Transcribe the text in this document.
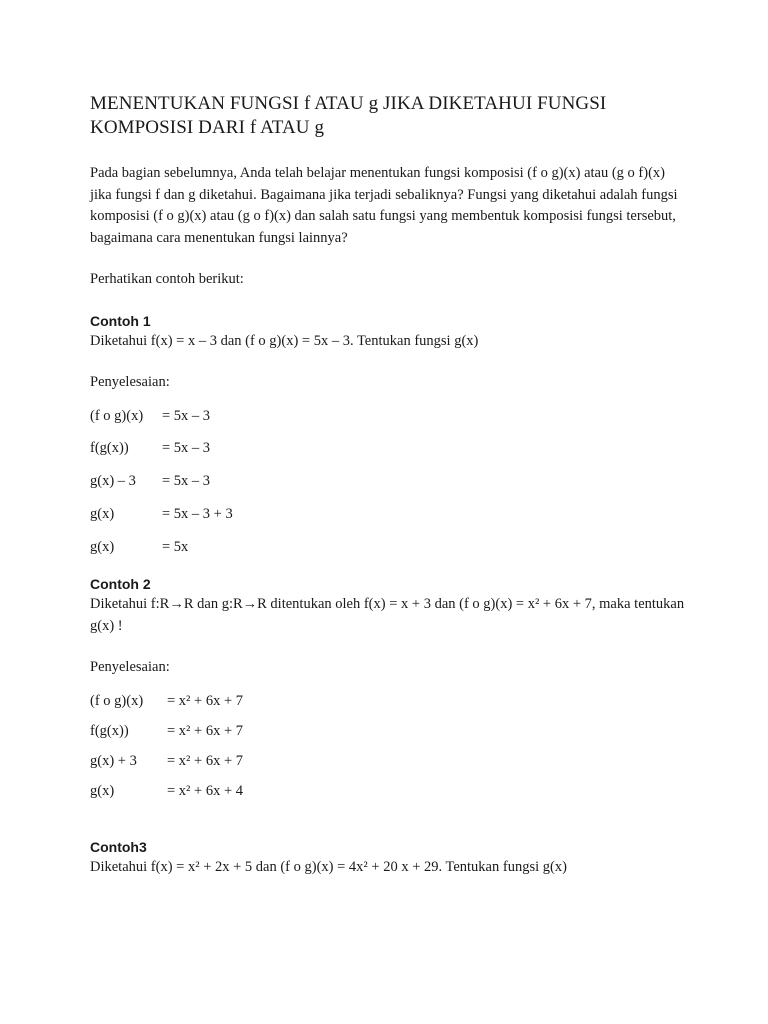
MENENTUKAN FUNGSI f ATAU g JIKA DIKETAHUI FUNGSI KOMPOSISI DARI f ATAU g

Pada bagian sebelumnya, Anda telah belajar menentukan fungsi komposisi (f o g)(x) atau (g o f)(x) jika fungsi f dan g diketahui. Bagaimana jika terjadi sebaliknya? Fungsi yang diketahui adalah fungsi komposisi (f o g)(x) atau (g o f)(x) dan salah satu fungsi yang membentuk komposisi fungsi tersebut, bagaimana cara menentukan fungsi lainnya?

Perhatikan contoh berikut:

Contoh 1

Diketahui f(x) = x – 3 dan (f o g)(x) = 5x – 3. Tentukan fungsi g(x)

Penyelesaian:

(f o g)(x)	= 5x – 3
f(g(x))	= 5x – 3
g(x) – 3	= 5x – 3
g(x)	= 5x – 3 + 3
g(x)	= 5x
Contoh 2

Diketahui f:R→R dan g:R→R ditentukan oleh f(x) = x + 3 dan (f o g)(x) = x² + 6x + 7, maka tentukan g(x) !

Penyelesaian:

(f o g)(x)	= x² + 6x + 7
f(g(x))	= x² + 6x + 7
g(x) + 3	= x² + 6x + 7
g(x)	= x² + 6x + 4
Contoh3

Diketahui f(x) = x² + 2x + 5 dan (f o g)(x) = 4x² + 20 x + 29. Tentukan fungsi g(x)
